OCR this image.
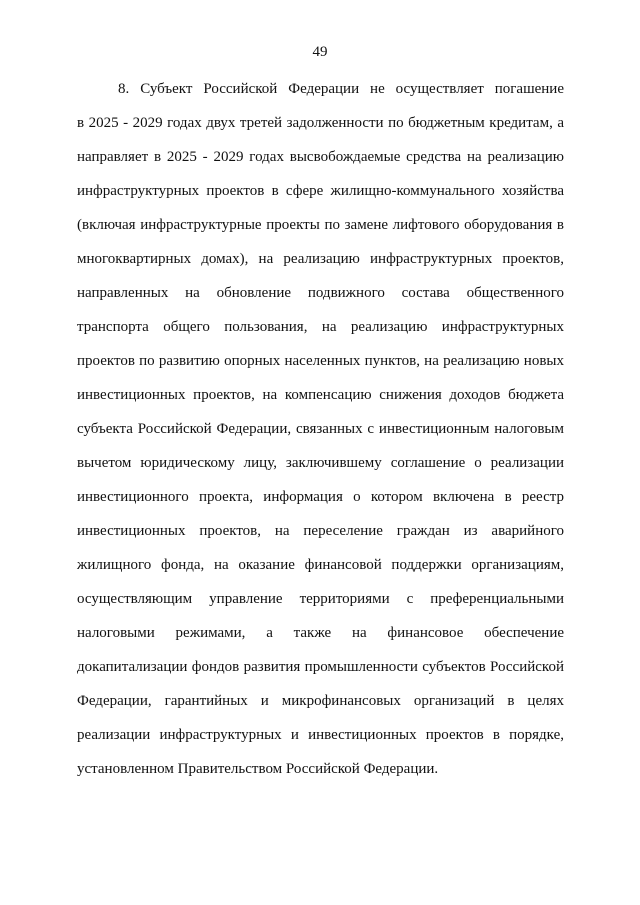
49
8. Субъект Российской Федерации не осуществляет погашение
в 2025 - 2029 годах двух третей задолженности по бюджетным кредитам, а
направляет в 2025 - 2029 годах высвобождаемые средства на реализацию
инфраструктурных проектов в сфере жилищно-коммунального хозяйства
(включая инфраструктурные проекты по замене лифтового оборудования в
многоквартирных домах), на реализацию инфраструктурных проектов,
направленных на обновление подвижного состава общественного
транспорта общего пользования, на реализацию инфраструктурных
проектов по развитию опорных населенных пунктов, на реализацию новых
инвестиционных проектов, на компенсацию снижения доходов бюджета
субъекта Российской Федерации, связанных с инвестиционным налоговым
вычетом юридическому лицу, заключившему соглашение о реализации
инвестиционного проекта, информация о котором включена в реестр
инвестиционных проектов, на переселение граждан из аварийного
жилищного фонда, на оказание финансовой поддержки организациям,
осуществляющим управление территориями с преференциальными
налоговыми режимами, а также на финансовое обеспечение
докапитализации фондов развития промышленности субъектов Российской
Федерации, гарантийных и микрофинансовых организаций в целях
реализации инфраструктурных и инвестиционных проектов в порядке,
установленном Правительством Российской Федерации.
